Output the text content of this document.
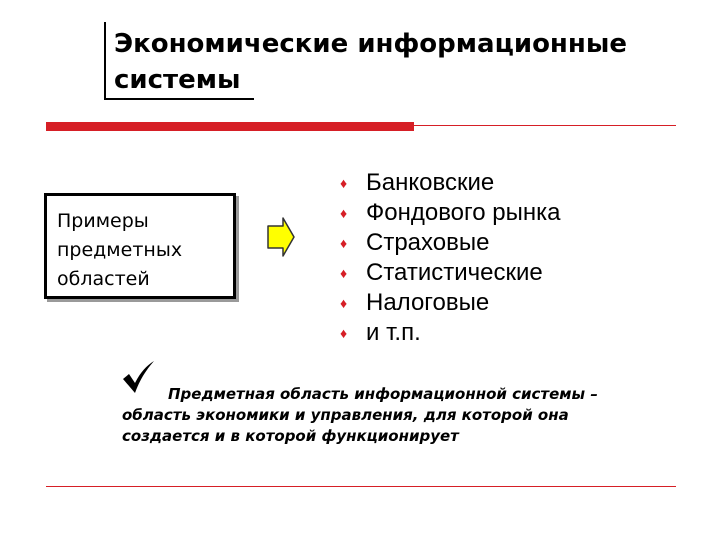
Экономические информационные
системы
Примеры
предметных
областей
♦ Банковские
♦ Фондового рынка
♦ Страховые
♦ Статистические
♦ Налоговые
♦ и т.п.

Предметная область информационной системы – область экономики и управления, для которой она создается и в которой функционирует
